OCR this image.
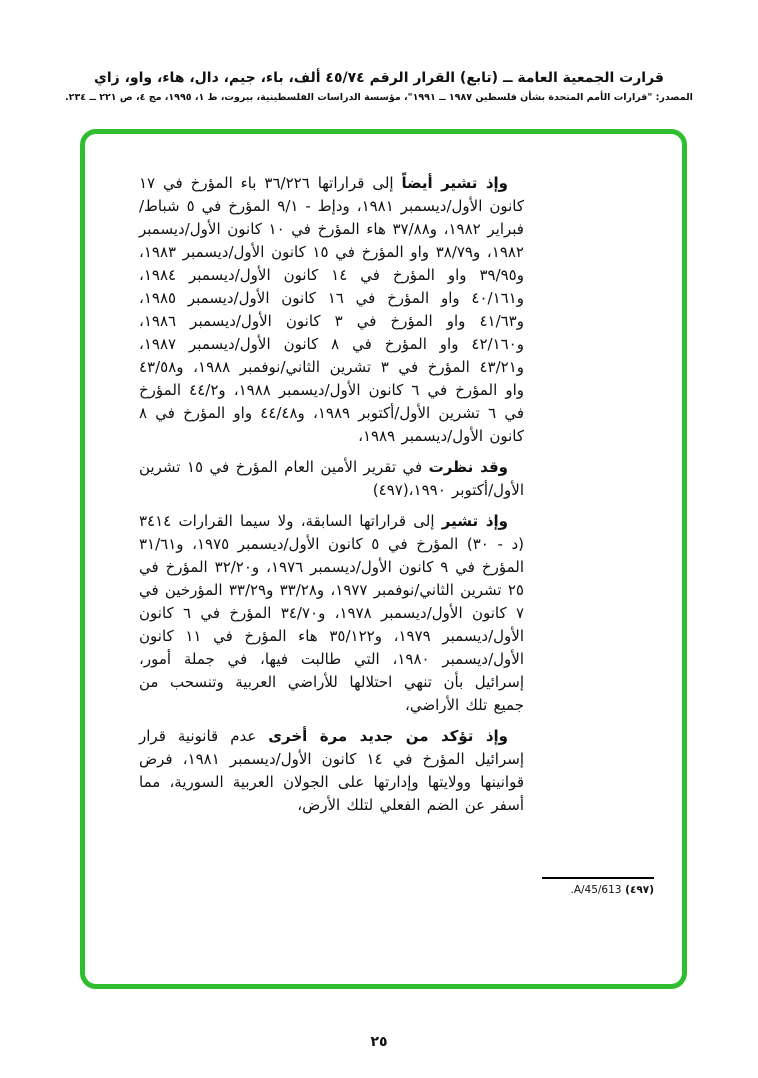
قرارت الجمعية العامة ــ (تابع) القرار الرقم ٤٥/٧٤ ألف، باء، جيم، دال، هاء، واو، زاي
المصدر: "قرارات الأمم المتحدة بشأن فلسطين ١٩٨٧ ــ ١٩٩١"، مؤسسة الدراسات الفلسطينية، بيروت، ط ١، ١٩٩٥، مج ٤، ص ٢٢١ ــ ٢٣٤.

وإذ تشير أيضاً إلى قراراتها ٣٦/٢٢٦ باء المؤرخ في ١٧ كانون الأول/ديسمبر ١٩٨١، ودإط - ٩/١ المؤرخ في ٥ شباط/فبراير ١٩٨٢، و٣٧/٨٨ هاء المؤرخ في ١٠ كانون الأول/ديسمبر ١٩٨٢، و٣٨/٧٩ واو المؤرخ في ١٥ كانون الأول/ديسمبر ١٩٨٣، و٣٩/٩٥ واو المؤرخ في ١٤ كانون الأول/ديسمبر ١٩٨٤، و٤٠/١٦١ واو المؤرخ في ١٦ كانون الأول/ديسمبر ١٩٨٥، و٤١/٦٣ واو المؤرخ في ٣ كانون الأول/ديسمبر ١٩٨٦، و٤٢/١٦٠ واو المؤرخ في ٨ كانون الأول/ديسمبر ١٩٨٧، و٤٣/٢١ المؤرخ في ٣ تشرين الثاني/نوفمبر ١٩٨٨، و٤٣/٥٨ واو المؤرخ في ٦ كانون الأول/ديسمبر ١٩٨٨، و٤٤/٢ المؤرخ في ٦ تشرين الأول/أكتوبر ١٩٨٩، و٤٤/٤٨ واو المؤرخ في ٨ كانون الأول/ديسمبر ١٩٨٩،

وقد نظرت في تقرير الأمين العام المؤرخ في ١٥ تشرين الأول/أكتوبر ١٩٩٠،(٤٩٧)

وإذ تشير إلى قراراتها السابقة، ولا سيما القرارات ٣٤١٤ (د - ٣٠) المؤرخ في ٥ كانون الأول/ديسمبر ١٩٧٥، و٣١/٦١ المؤرخ في ٩ كانون الأول/ديسمبر ١٩٧٦، و٣٢/٢٠ المؤرخ في ٢٥ تشرين الثاني/نوفمبر ١٩٧٧، و٣٣/٢٨ و٣٣/٢٩ المؤرخين في ٧ كانون الأول/ديسمبر ١٩٧٨، و٣٤/٧٠ المؤرخ في ٦ كانون الأول/ديسمبر ١٩٧٩، و٣٥/١٢٢ هاء المؤرخ في ١١ كانون الأول/ديسمبر ١٩٨٠، التي طالبت فيها، في جملة أمور، إسرائيل بأن تنهي احتلالها للأراضي العربية وتنسحب من جميع تلك الأراضي،

وإذ تؤكد من جديد مرة أخرى عدم قانونية قرار إسرائيل المؤرخ في ١٤ كانون الأول/ديسمبر ١٩٨١، فرض قوانينها وولايتها وإدارتها على الجولان العربية السورية، مما أسفر عن الضم الفعلي لتلك الأرض،

(٤٩٧) A/45/613.
٢٥
